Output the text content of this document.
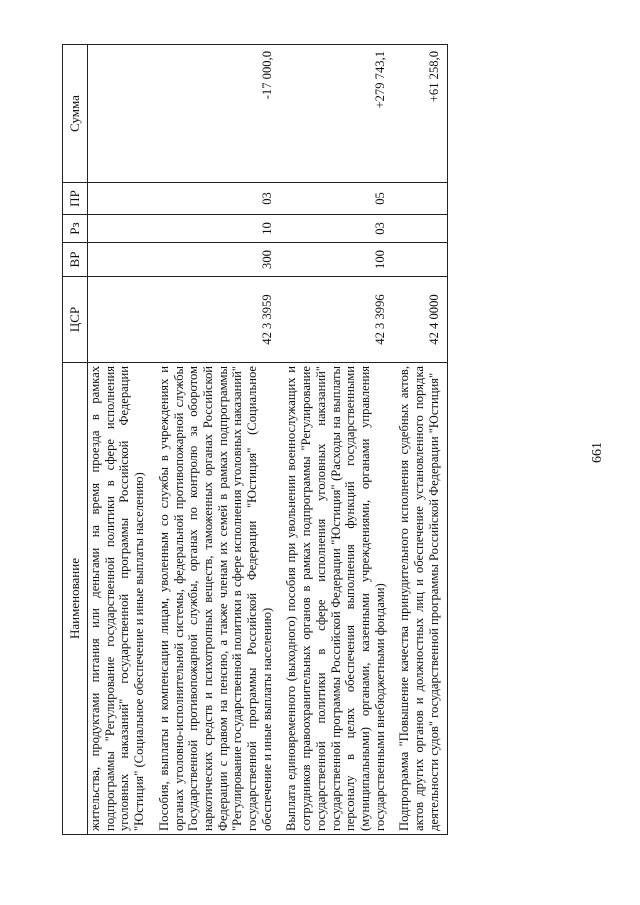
661
Наименование	ЦСР	ВР	Рз	ПР	Сумма
жительства, продуктами питания или деньгами на время проезда в рамках подпрограммы "Регулирование государственной политики в сфере исполнения уголовных наказаний" государственной программы Российской Федерации "Юстиция" (Социальное обеспечение и иные выплаты населению)					
Пособия, выплаты и компенсации лицам, уволенным со службы в учреждениях и органах уголовно-исполнительной системы, федеральной противопожарной службы Государственной противопожарной службы, органах по контролю за оборотом наркотических средств и психотропных веществ, таможенных органах Российской Федерации с правом на пенсию, а также членам их семей в рамках подпрограммы "Регулирование государственной политики в сфере исполнения уголовных наказаний" государственной программы Российской Федерации "Юстиция" (Социальное обеспечение и иные выплаты населению)	42 3 3959	300	10	03	-17 000,0
Выплата единовременного (выходного) пособия при увольнении военнослужащих и сотрудников правоохранительных органов в рамках подпрограммы "Регулирование государственной политики в сфере исполнения уголовных наказаний" государственной программы Российской Федерации "Юстиция" (Расходы на выплаты персоналу в целях обеспечения выполнения функций государственными (муниципальными) органами, казенными учреждениями, органами управления государственными внебюджетными фондами)	42 3 3996	100	03	05	+279 743,1
Подпрограмма "Повышение качества принудительного исполнения судебных актов, актов других органов и должностных лиц и обеспечение установленного порядка деятельности судов" государственной программы Российской Федерации "Юстиция"	42 4 0000				+61 258,0
